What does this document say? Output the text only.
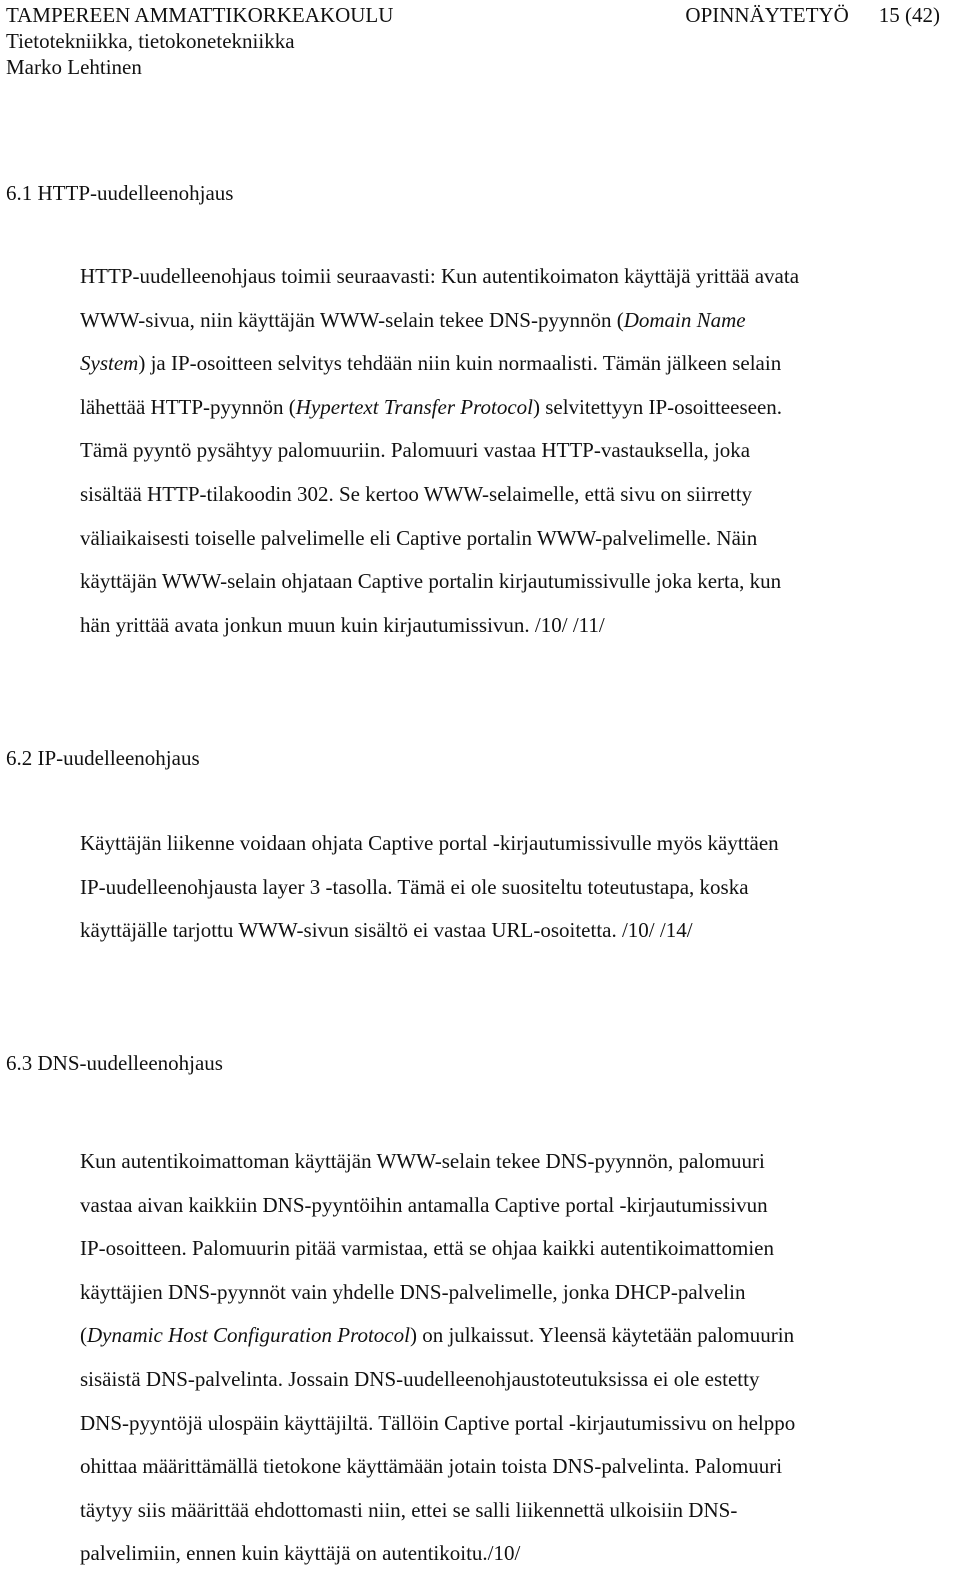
TAMPEREEN AMMATTIKORKEAKOULU	OPINNÄYTETYÖ 15 (42)
Tietotekniikka, tietokonetekniikka
Marko Lehtinen
6.1 HTTP-uudelleenohjaus
HTTP-uudelleenohjaus toimii seuraavasti: Kun autentikoimaton käyttäjä yrittää avata
WWW-sivua, niin käyttäjän WWW-selain tekee DNS-pyynnön (Domain Name
System) ja IP-osoitteen selvitys tehdään niin kuin normaalisti. Tämän jälkeen selain
lähettää HTTP-pyynnön (Hypertext Transfer Protocol) selvitettyyn IP-osoitteeseen.
Tämä pyyntö pysähtyy palomuuriin. Palomuuri vastaa HTTP-vastauksella, joka
sisältää HTTP-tilakoodin 302. Se kertoo WWW-selaimelle, että sivu on siirretty
väliaikaisesti toiselle palvelimelle eli Captive portalin WWW-palvelimelle. Näin
käyttäjän WWW-selain ohjataan Captive portalin kirjautumissivulle joka kerta, kun
hän yrittää avata jonkun muun kuin kirjautumissivun. /10/ /11/
6.2 IP-uudelleenohjaus
Käyttäjän liikenne voidaan ohjata Captive portal -kirjautumissivulle myös käyttäen
IP-uudelleenohjausta layer 3 -tasolla. Tämä ei ole suositeltu toteutustapa, koska
käyttäjälle tarjottu WWW-sivun sisältö ei vastaa URL-osoitetta. /10/ /14/
6.3 DNS-uudelleenohjaus
Kun autentikoimattoman käyttäjän WWW-selain tekee DNS-pyynnön, palomuuri
vastaa aivan kaikkiin DNS-pyyntöihin antamalla Captive portal -kirjautumissivun
IP-osoitteen. Palomuurin pitää varmistaa, että se ohjaa kaikki autentikoimattomien
käyttäjien DNS-pyynnöt vain yhdelle DNS-palvelimelle, jonka DHCP-palvelin
(Dynamic Host Configuration Protocol) on julkaissut. Yleensä käytetään palomuurin
sisäistä DNS-palvelinta. Jossain DNS-uudelleenohjaustoteutuksissa ei ole estetty
DNS-pyyntöjä ulospäin käyttäjiltä. Tällöin Captive portal -kirjautumissivu on helppo
ohittaa määrittämällä tietokone käyttämään jotain toista DNS-palvelinta. Palomuuri
täytyy siis määrittää ehdottomasti niin, ettei se salli liikennettä ulkoisiin DNS-
palvelimiin, ennen kuin käyttäjä on autentikoitu./10/
